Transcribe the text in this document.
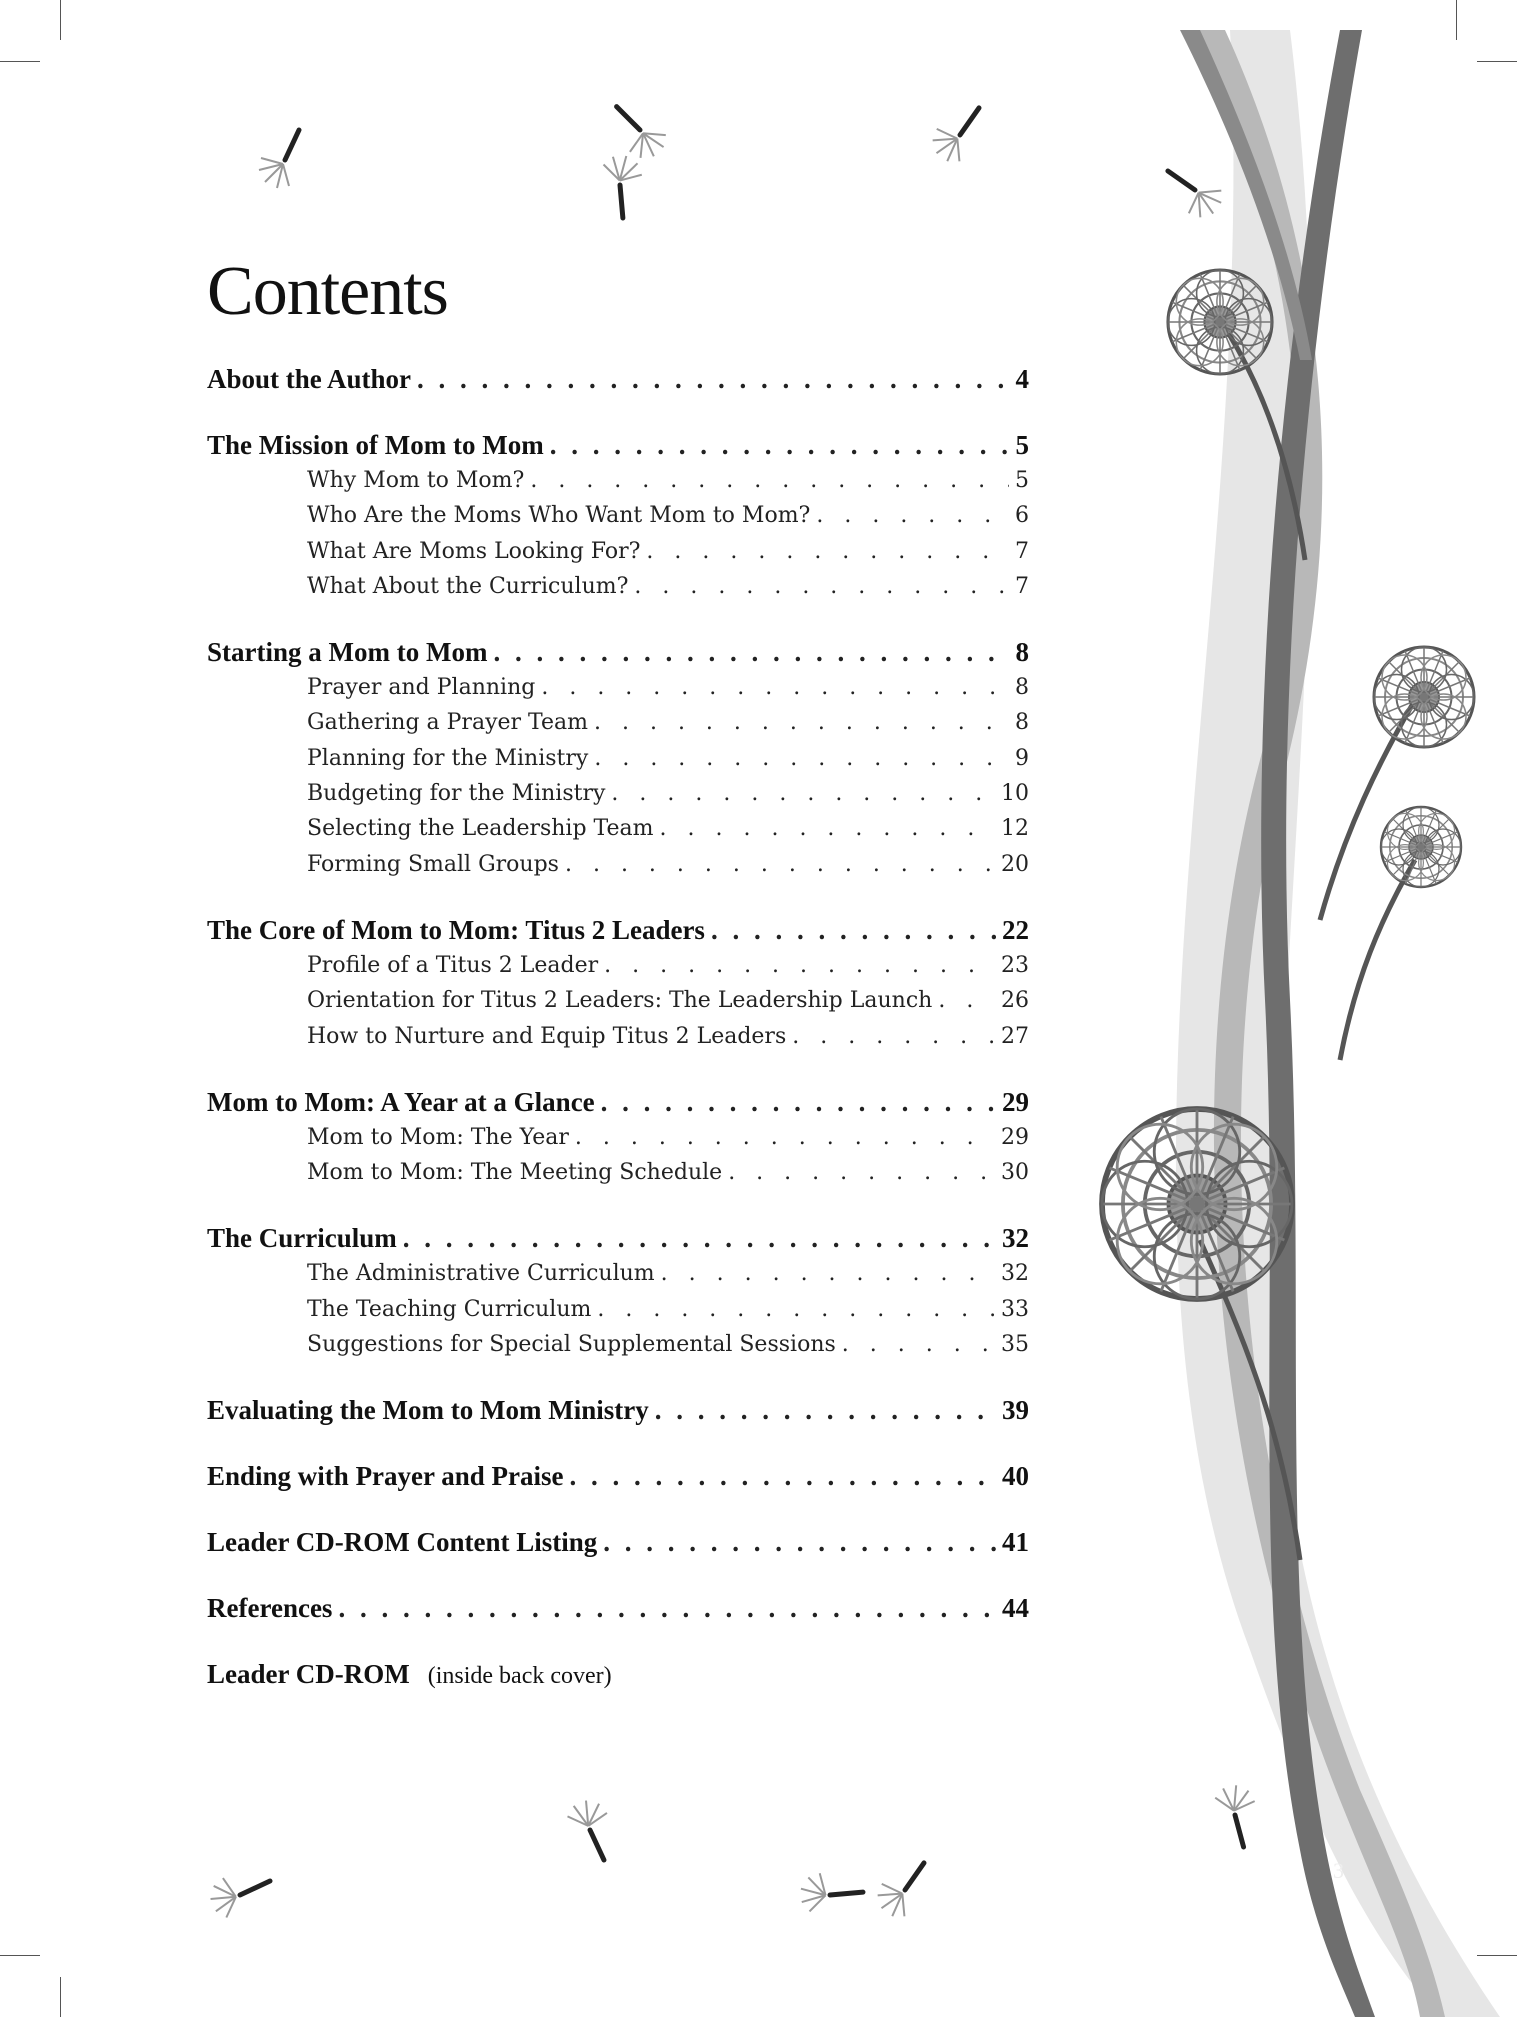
Contents
About the Author . . .	4
The Mission of Mom to Mom . . .	5
Why Mom to Mom? . . .	5
Who Are the Moms Who Want Mom to Mom? . . .	6
What Are Moms Looking For? . . .	7
What About the Curriculum? . . .	7
Starting a Mom to Mom . . .	8
Prayer and Planning . . .	8
Gathering a Prayer Team . . .	8
Planning for the Ministry . . .	9
Budgeting for the Ministry . . .	10
Selecting the Leadership Team . . .	12
Forming Small Groups . . .	20
The Core of Mom to Mom: Titus 2 Leaders . . .	22
Profile of a Titus 2 Leader . . .	23
Orientation for Titus 2 Leaders: The Leadership Launch . . .	26
How to Nurture and Equip Titus 2 Leaders . . .	27
Mom to Mom: A Year at a Glance . . .	29
Mom to Mom: The Year . . .	29
Mom to Mom: The Meeting Schedule . . .	30
The Curriculum . . .	32
The Administrative Curriculum . . .	32
The Teaching Curriculum . . .	33
Suggestions for Special Supplemental Sessions . . .	35
Evaluating the Mom to Mom Ministry . . .	39
Ending with Prayer and Praise . . .	40
Leader CD-ROM Content Listing . . .	41
References . . .	44
Leader CD-ROM (inside back cover)
3
